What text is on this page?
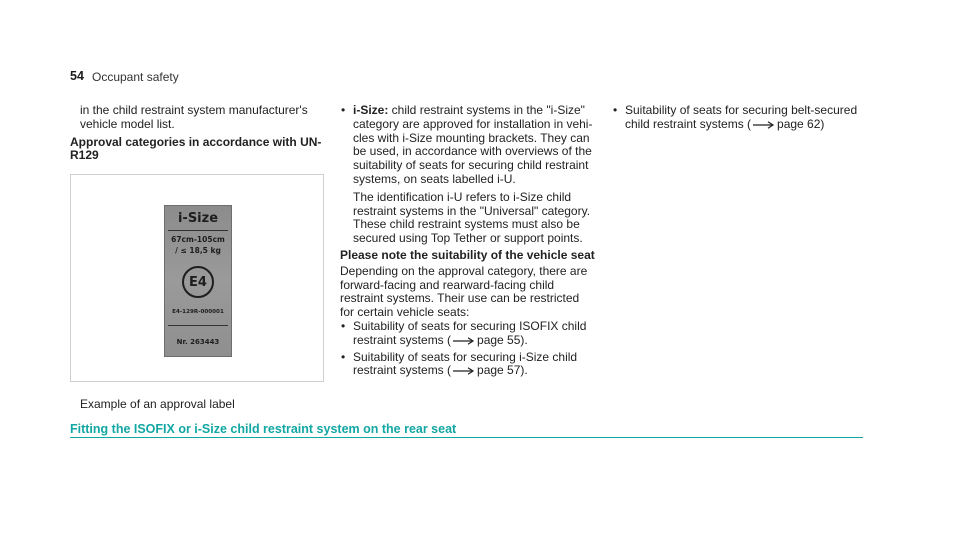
54 Occupant safety

in the child restraint system manufacturer's vehicle model list.

Approval categories in accordance with UN-
R129

i-Size
67cm-105cm
/ ≤ 18,5 kg
E4
E4-129R-000001
Nr. 263443
Example of an approval label

• i-Size: child restraint systems in the "i-Size" category are approved for installation in vehi-cles with i-Size mounting brackets. They can be used, in accordance with overviews of the suitability of seats for securing child restraint systems, on seats labelled i-U.

The identification i-U refers to i-Size child restraint systems in the "Universal" category. These child restraint systems must also be secured using Top Tether or support points.

Please note the suitability of the vehicle seat

Depending on the approval category, there are forward-facing and rearward-facing child restraint systems. Their use can be restricted for certain vehicle seats:

• Suitability of seats for securing ISOFIX child restraint systems ( page 55).

• Suitability of seats for securing i-Size child restraint systems ( page 57).

• Suitability of seats for securing belt-secured child restraint systems ( page 62)

Fitting the ISOFIX or i-Size child restraint system on the rear seat
